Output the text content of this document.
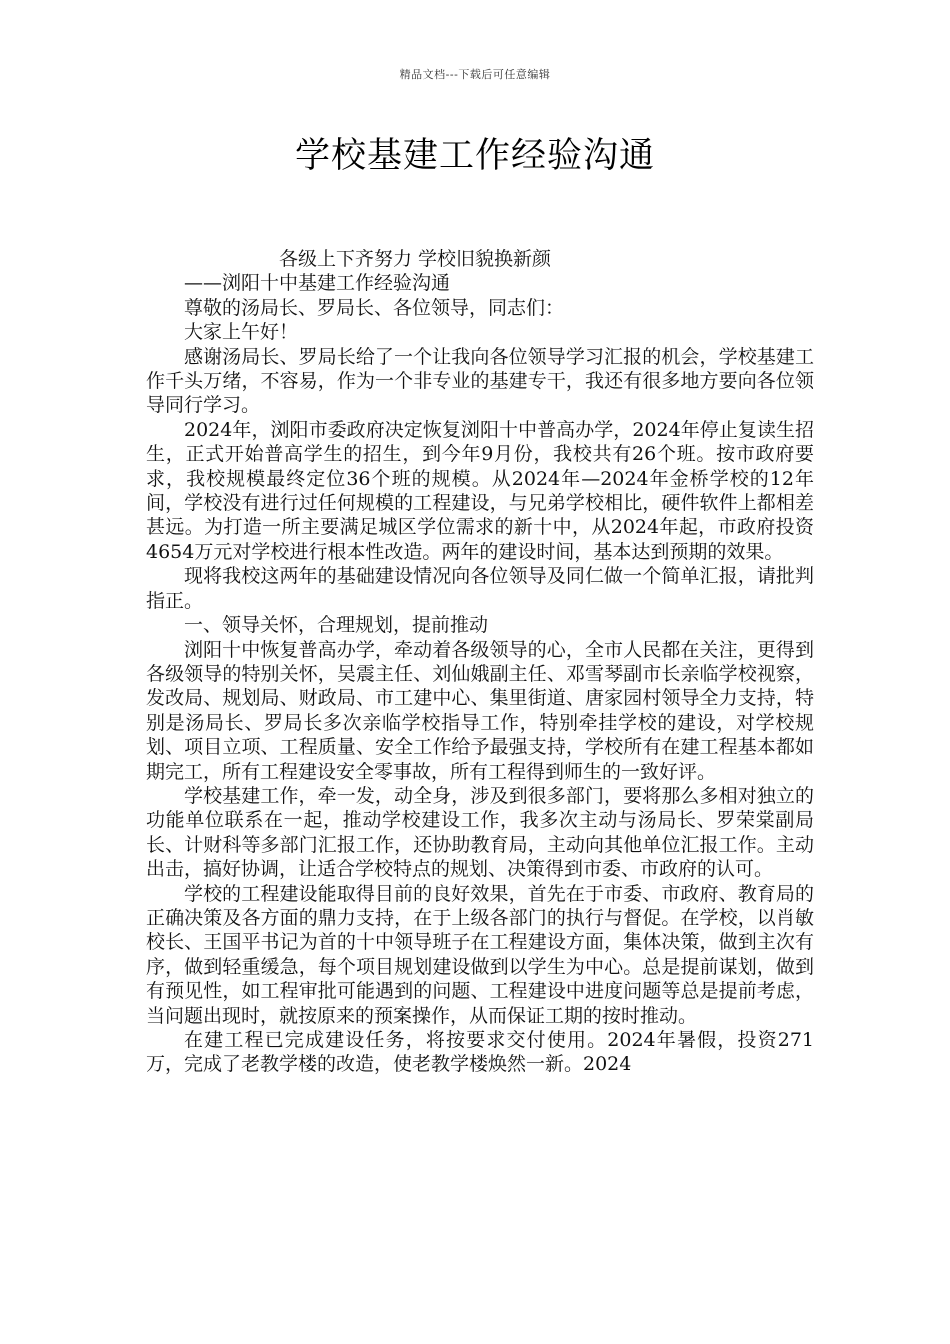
精品文档---下载后可任意编辑
学校基建工作经验沟通

各级上下齐努力 学校旧貌换新颜

——浏阳十中基建工作经验沟通

尊敬的汤局长、罗局长、各位领导，同志们：

大家上午好！

感谢汤局长、罗局长给了一个让我向各位领导学习汇报的机会，学校基建工作千头万绪，不容易，作为一个非专业的基建专干，我还有很多地方要向各位领导同行学习。

2024年，浏阳市委政府决定恢复浏阳十中普高办学，2024年停止复读生招生，正式开始普高学生的招生，到今年9月份，我校共有26个班。按市政府要求，我校规模最终定位36个班的规模。从2024年—2024年金桥学校的12年间，学校没有进行过任何规模的工程建设，与兄弟学校相比，硬件软件上都相差甚远。为打造一所主要满足城区学位需求的新十中，从2024年起，市政府投资4654万元对学校进行根本性改造。两年的建设时间，基本达到预期的效果。

现将我校这两年的基础建设情况向各位领导及同仁做一个简单汇报，请批判指正。

一、领导关怀，合理规划，提前推动

浏阳十中恢复普高办学，牵动着各级领导的心，全市人民都在关注，更得到各级领导的特别关怀，吴震主任、刘仙娥副主任、邓雪琴副市长亲临学校视察，发改局、规划局、财政局、市工建中心、集里街道、唐家园村领导全力支持，特别是汤局长、罗局长多次亲临学校指导工作，特别牵挂学校的建设，对学校规划、项目立项、工程质量、安全工作给予最强支持，学校所有在建工程基本都如期完工，所有工程建设安全零事故，所有工程得到师生的一致好评。

学校基建工作，牵一发，动全身，涉及到很多部门，要将那么多相对独立的功能单位联系在一起，推动学校建设工作，我多次主动与汤局长、罗荣棠副局长、计财科等多部门汇报工作，还协助教育局，主动向其他单位汇报工作。主动出击，搞好协调，让适合学校特点的规划、决策得到市委、市政府的认可。

学校的工程建设能取得目前的良好效果，首先在于市委、市政府、教育局的正确决策及各方面的鼎力支持，在于上级各部门的执行与督促。在学校，以肖敏校长、王国平书记为首的十中领导班子在工程建设方面，集体决策，做到主次有序，做到轻重缓急，每个项目规划建设做到以学生为中心。总是提前谋划，做到有预见性，如工程审批可能遇到的问题、工程建设中进度问题等总是提前考虑，当问题出现时，就按原来的预案操作，从而保证工期的按时推动。

在建工程已完成建设任务，将按要求交付使用。2024年暑假，投资271万，完成了老教学楼的改造，使老教学楼焕然一新。2024
